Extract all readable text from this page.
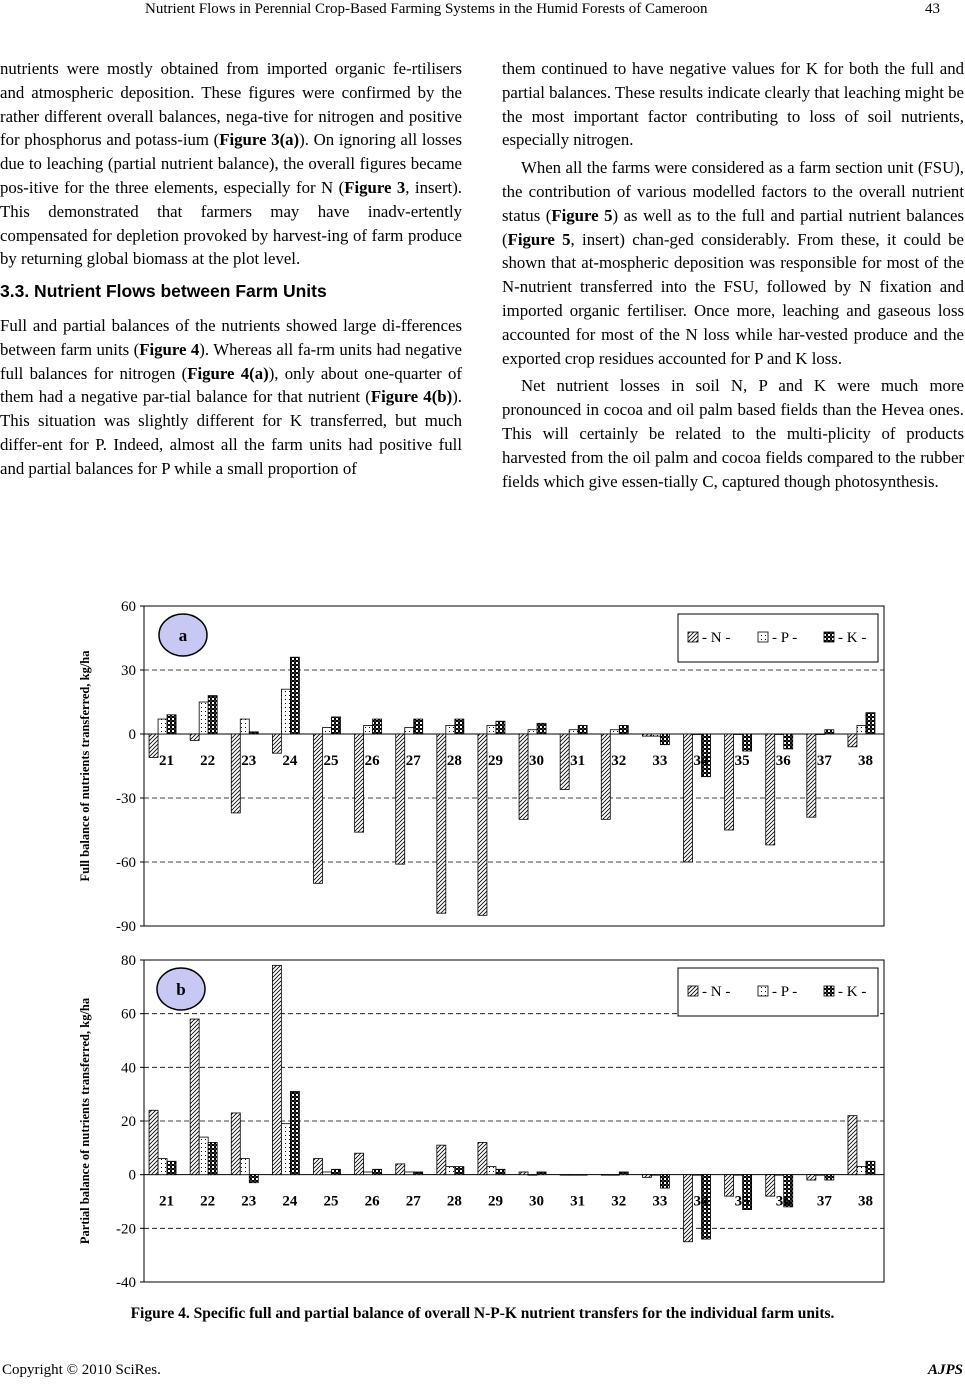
Nutrient Flows in Perennial Crop-Based Farming Systems in the Humid Forests of Cameroon	43

nutrients were mostly obtained from imported organic fe-rtilisers and atmospheric deposition. These figures were confirmed by the rather different overall balances, nega-tive for nitrogen and positive for phosphorus and potass-ium (Figure 3(a)). On ignoring all losses due to leaching (partial nutrient balance), the overall figures became pos-itive for the three elements, especially for N (Figure 3, insert). This demonstrated that farmers may have inadv-ertently compensated for depletion provoked by harvest-ing of farm produce by returning global biomass at the plot level.

3.3. Nutrient Flows between Farm Units

Full and partial balances of the nutrients showed large di-fferences between farm units (Figure 4). Whereas all fa-rm units had negative full balances for nitrogen (Figure 4(a)), only about one-quarter of them had a negative par-tial balance for that nutrient (Figure 4(b)). This situation was slightly different for K transferred, but much differ-ent for P. Indeed, almost all the farm units had positive full and partial balances for P while a small proportion of

them continued to have negative values for K for both the full and partial balances. These results indicate clearly that leaching might be the most important factor contributing to loss of soil nutrients, especially nitrogen.

When all the farms were considered as a farm section unit (FSU), the contribution of various modelled factors to the overall nutrient status (Figure 5) as well as to the full and partial nutrient balances (Figure 5, insert) chan-ged considerably. From these, it could be shown that at-mospheric deposition was responsible for most of the N-nutrient transferred into the FSU, followed by N fixation and imported organic fertiliser. Once more, leaching and gaseous loss accounted for most of the N loss while har-vested produce and the exported crop residues accounted for P and K loss.

Net nutrient losses in soil N, P and K were much more pronounced in cocoa and oil palm based fields than the Hevea ones. This will certainly be related to the multi-plicity of products harvested from the oil palm and cocoa fields compared to the rubber fields which give essen-tially C, captured though photosynthesis.

60
30
0
-30
-60
-90
Full balance of nutrients transferred, kg/ha	21 22 23 24 25 26 27 28 29 30 31 32 33 34 35 36 37 38
- N -	- P -	- K -
a
80
60
40
20
0
-20
-40
Partial balance of nutrients transferred, kg/ha	21 22 23 24 25 26 27 28 29 30 31 32 33 34 35 36 37 38
- N -	- P -	- K -
b
Figure 4. Specific full and partial balance of overall N-P-K nutrient transfers for the individual farm units.
Copyright © 2010 SciRes.	AJPS
